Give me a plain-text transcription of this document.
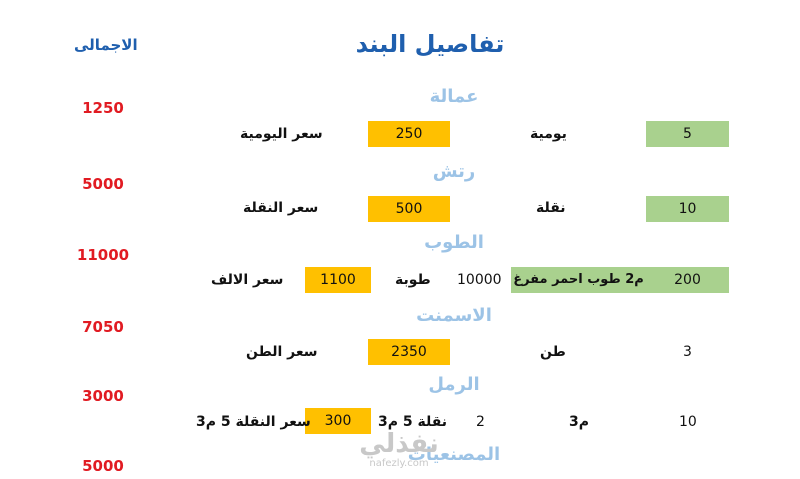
تفاصيل البند
الاجمالى
1250
5000
11000
7050
3000
5000
عمالة
5
يومية
250
سعر اليومية
رتش
10
نقلة
500
سعر النقلة
الطوب
200
م2 طوب احمر مفرغ
10000
طوبة
1100
سعر الالف
الاسمنت
3
طن
2350
سعر الطن
الرمل
10
م3
2
نقلة 5 م3
300
سعر النقلة 5 م3
المصنعيات
نفذلي
nafezly.com
